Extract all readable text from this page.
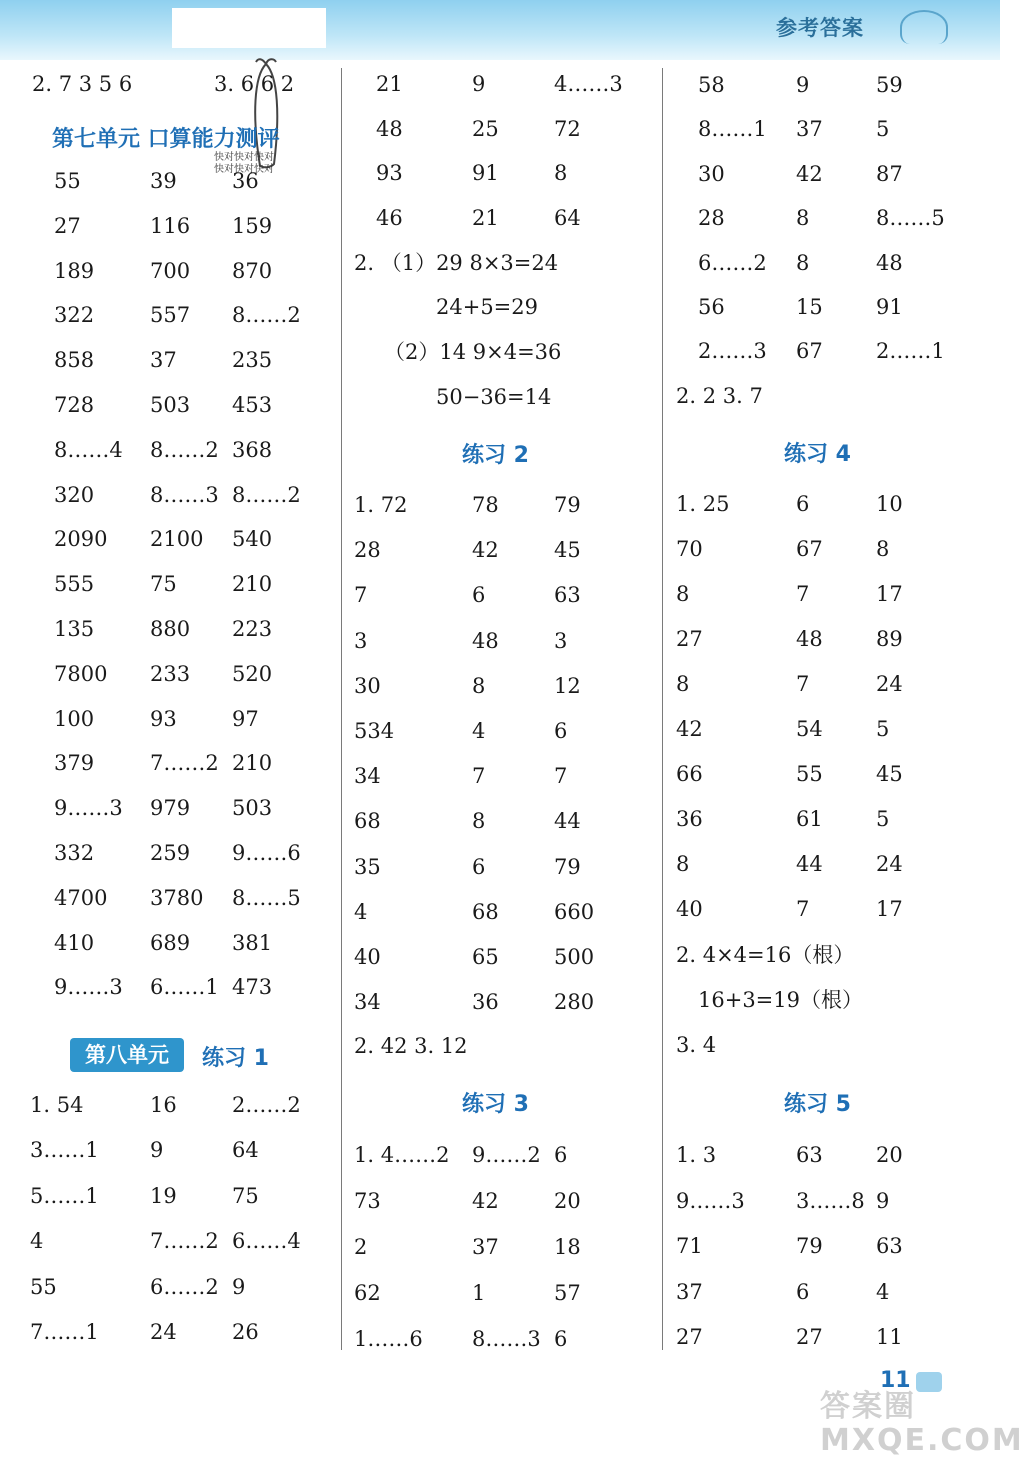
参考答案
2. 7 3 5 6	3. 6 6 2
第七单元 口算能力测评
快对快对快对
快对快对快对
55	39	36
27	116 159
189	700 870
322	557 8……2
858	37	235
728	503 453
8……4 8……2 368
320	8……3 8……2
2090 2100 540
555	75	210
135	880 223
7800 233 520
100	93	97
379	7……2 210
9……3 979 503
332	259 9……6
4700 3780 8……5
410	689 381
9……3 6……1 473
第八单元	练习 1
1. 54	16	2……2
3……1 9	64
5……1 19	75
4	7……2 6……4
55	6……2 9
7……1 24	26
21	9	4……3
48	25	72
93	91	8
46	21	64
2. （1）29 8×3=24
24+5=29
（2）14 9×4=36
50−36=14
练习 2
1. 72	78	79
28	42	45
7	6	63
3	48	3
30	8	12
534	4	6
34	7	7
68	8	44
35	6	79
4	68	660
40	65	500
34	36	280
2. 42 3. 12
练习 3
1. 4……2 9……2 6
73	42	20
2	37	18
62	1	57
1……6 8……3 6
58	9	59
8……1 37	5
30	42	87
28	8	8……5
6……2 8	48
56	15	91
2……3 67	2……1
2. 2 3. 7
练习 4
1. 25	6	10
70	67	8
8	7	17
27	48	89
8	7	24
42	54	5
66	55	45
36	61	5
8	44	24
40	7	17
2. 4×4=16（根）
16+3=19（根）
3. 4
练习 5
1. 3	63	20
9……3 3……8 9
71	79	63
37	6	4
27	27	11
11
答案圈
MXQE.COM
